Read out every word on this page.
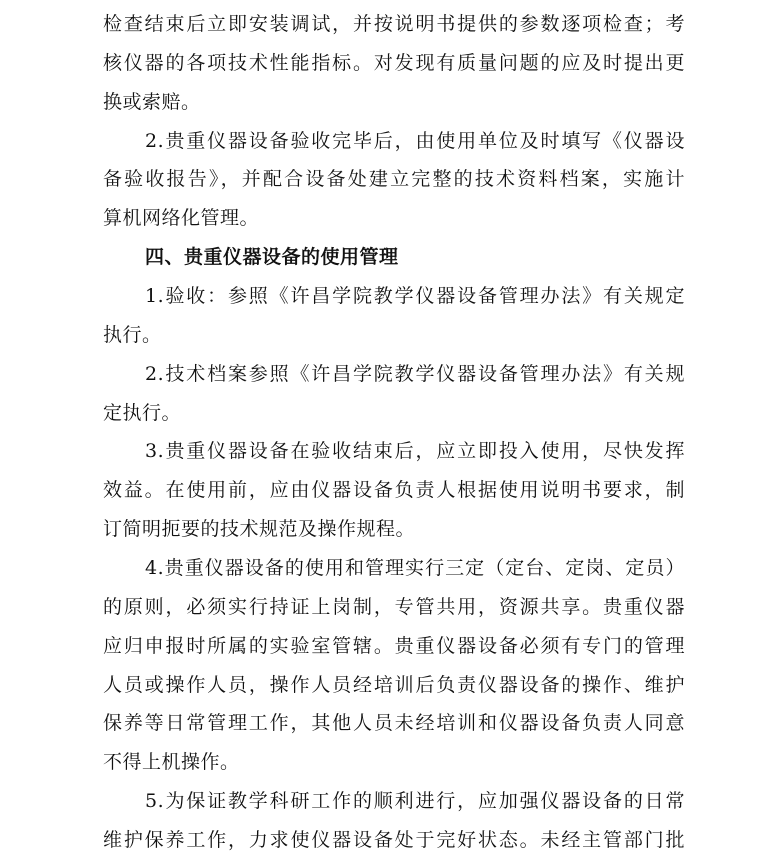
检查结束后立即安装调试，并按说明书提供的参数逐项检查；考
核仪器的各项技术性能指标。对发现有质量问题的应及时提出更
换或索赔。
2.贵重仪器设备验收完毕后，由使用单位及时填写《仪器设
备验收报告》，并配合设备处建立完整的技术资料档案，实施计
算机网络化管理。
四、贵重仪器设备的使用管理
1.验收：参照《许昌学院教学仪器设备管理办法》有关规定
执行。
2.技术档案参照《许昌学院教学仪器设备管理办法》有关规
定执行。
3.贵重仪器设备在验收结束后，应立即投入使用，尽快发挥
效益。在使用前，应由仪器设备负责人根据使用说明书要求，制
订简明扼要的技术规范及操作规程。
4.贵重仪器设备的使用和管理实行三定（定台、定岗、定员）
的原则，必须实行持证上岗制，专管共用，资源共享。贵重仪器
应归申报时所属的实验室管辖。贵重仪器设备必须有专门的管理
人员或操作人员，操作人员经培训后负责仪器设备的操作、维护
保养等日常管理工作，其他人员未经培训和仪器设备负责人同意
不得上机操作。
5.为保证教学科研工作的顺利进行，应加强仪器设备的日常
维护保养工作，力求使仪器设备处于完好状态。未经主管部门批
